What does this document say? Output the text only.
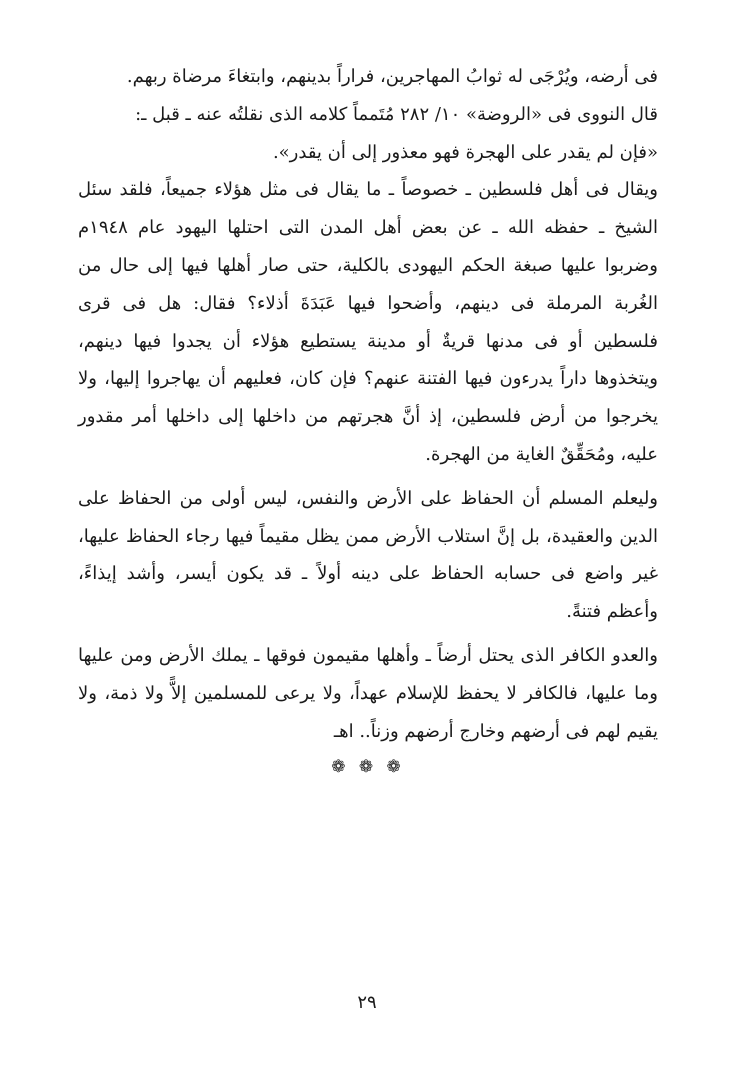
فى أرضه، ويُرْجَى له ثوابُ المهاجرين، فراراً بدينهم، وابتغاءَ مرضاة ربهم.

قال النووى فى «الروضة» ١٠/ ٢٨٢ مُتَمماً كلامه الذى نقلتُه عنه ـ قبل ـ:

«فإن لم يقدر على الهجرة فهو معذور إلى أن يقدر».

ويقال فى أهل فلسطين ـ خصوصاً ـ ما يقال فى مثل هؤلاء جميعاً، فلقد سئل الشيخ ـ حفظه الله ـ عن بعض أهل المدن التى احتلها اليهود عام ١٩٤٨م وضربوا عليها صبغة الحكم اليهودى بالكلية، حتى صار أهلها فيها إلى حال من الغُربة المرملة فى دينهم، وأضحوا فيها عَبَدَةَ أذلاء؟ فقال: هل فى قرى فلسطين أو فى مدنها قريةٌ أو مدينة يستطيع هؤلاء أن يجدوا فيها دينهم، ويتخذوها داراً يدرءون فيها الفتنة عنهم؟ فإن كان، فعليهم أن يهاجروا إليها، ولا يخرجوا من أرض فلسطين، إذ أنَّ هجرتهم من داخلها إلى داخلها أمر مقدور عليه، ومُحَقِّقٌ الغاية من الهجرة.

وليعلم المسلم أن الحفاظ على الأرض والنفس، ليس أولى من الحفاظ على الدين والعقيدة، بل إنَّ استلاب الأرض ممن يظل مقيماً فيها رجاء الحفاظ عليها، غير واضع فى حسابه الحفاظ على دينه أولاً ـ قد يكون أيسر، وأشد إيذاءً، وأعظم فتنةً.

والعدو الكافر الذى يحتل أرضاً ـ وأهلها مقيمون فوقها ـ يملك الأرض ومن عليها وما عليها، فالكافر لا يحفظ للإسلام عهداً، ولا يرعى للمسلمين إلاًّ ولا ذمة، ولا يقيم لهم فى أرضهم وخارج أرضهم وزناً.. اهـ

❁ ❁ ❁
٢٩
